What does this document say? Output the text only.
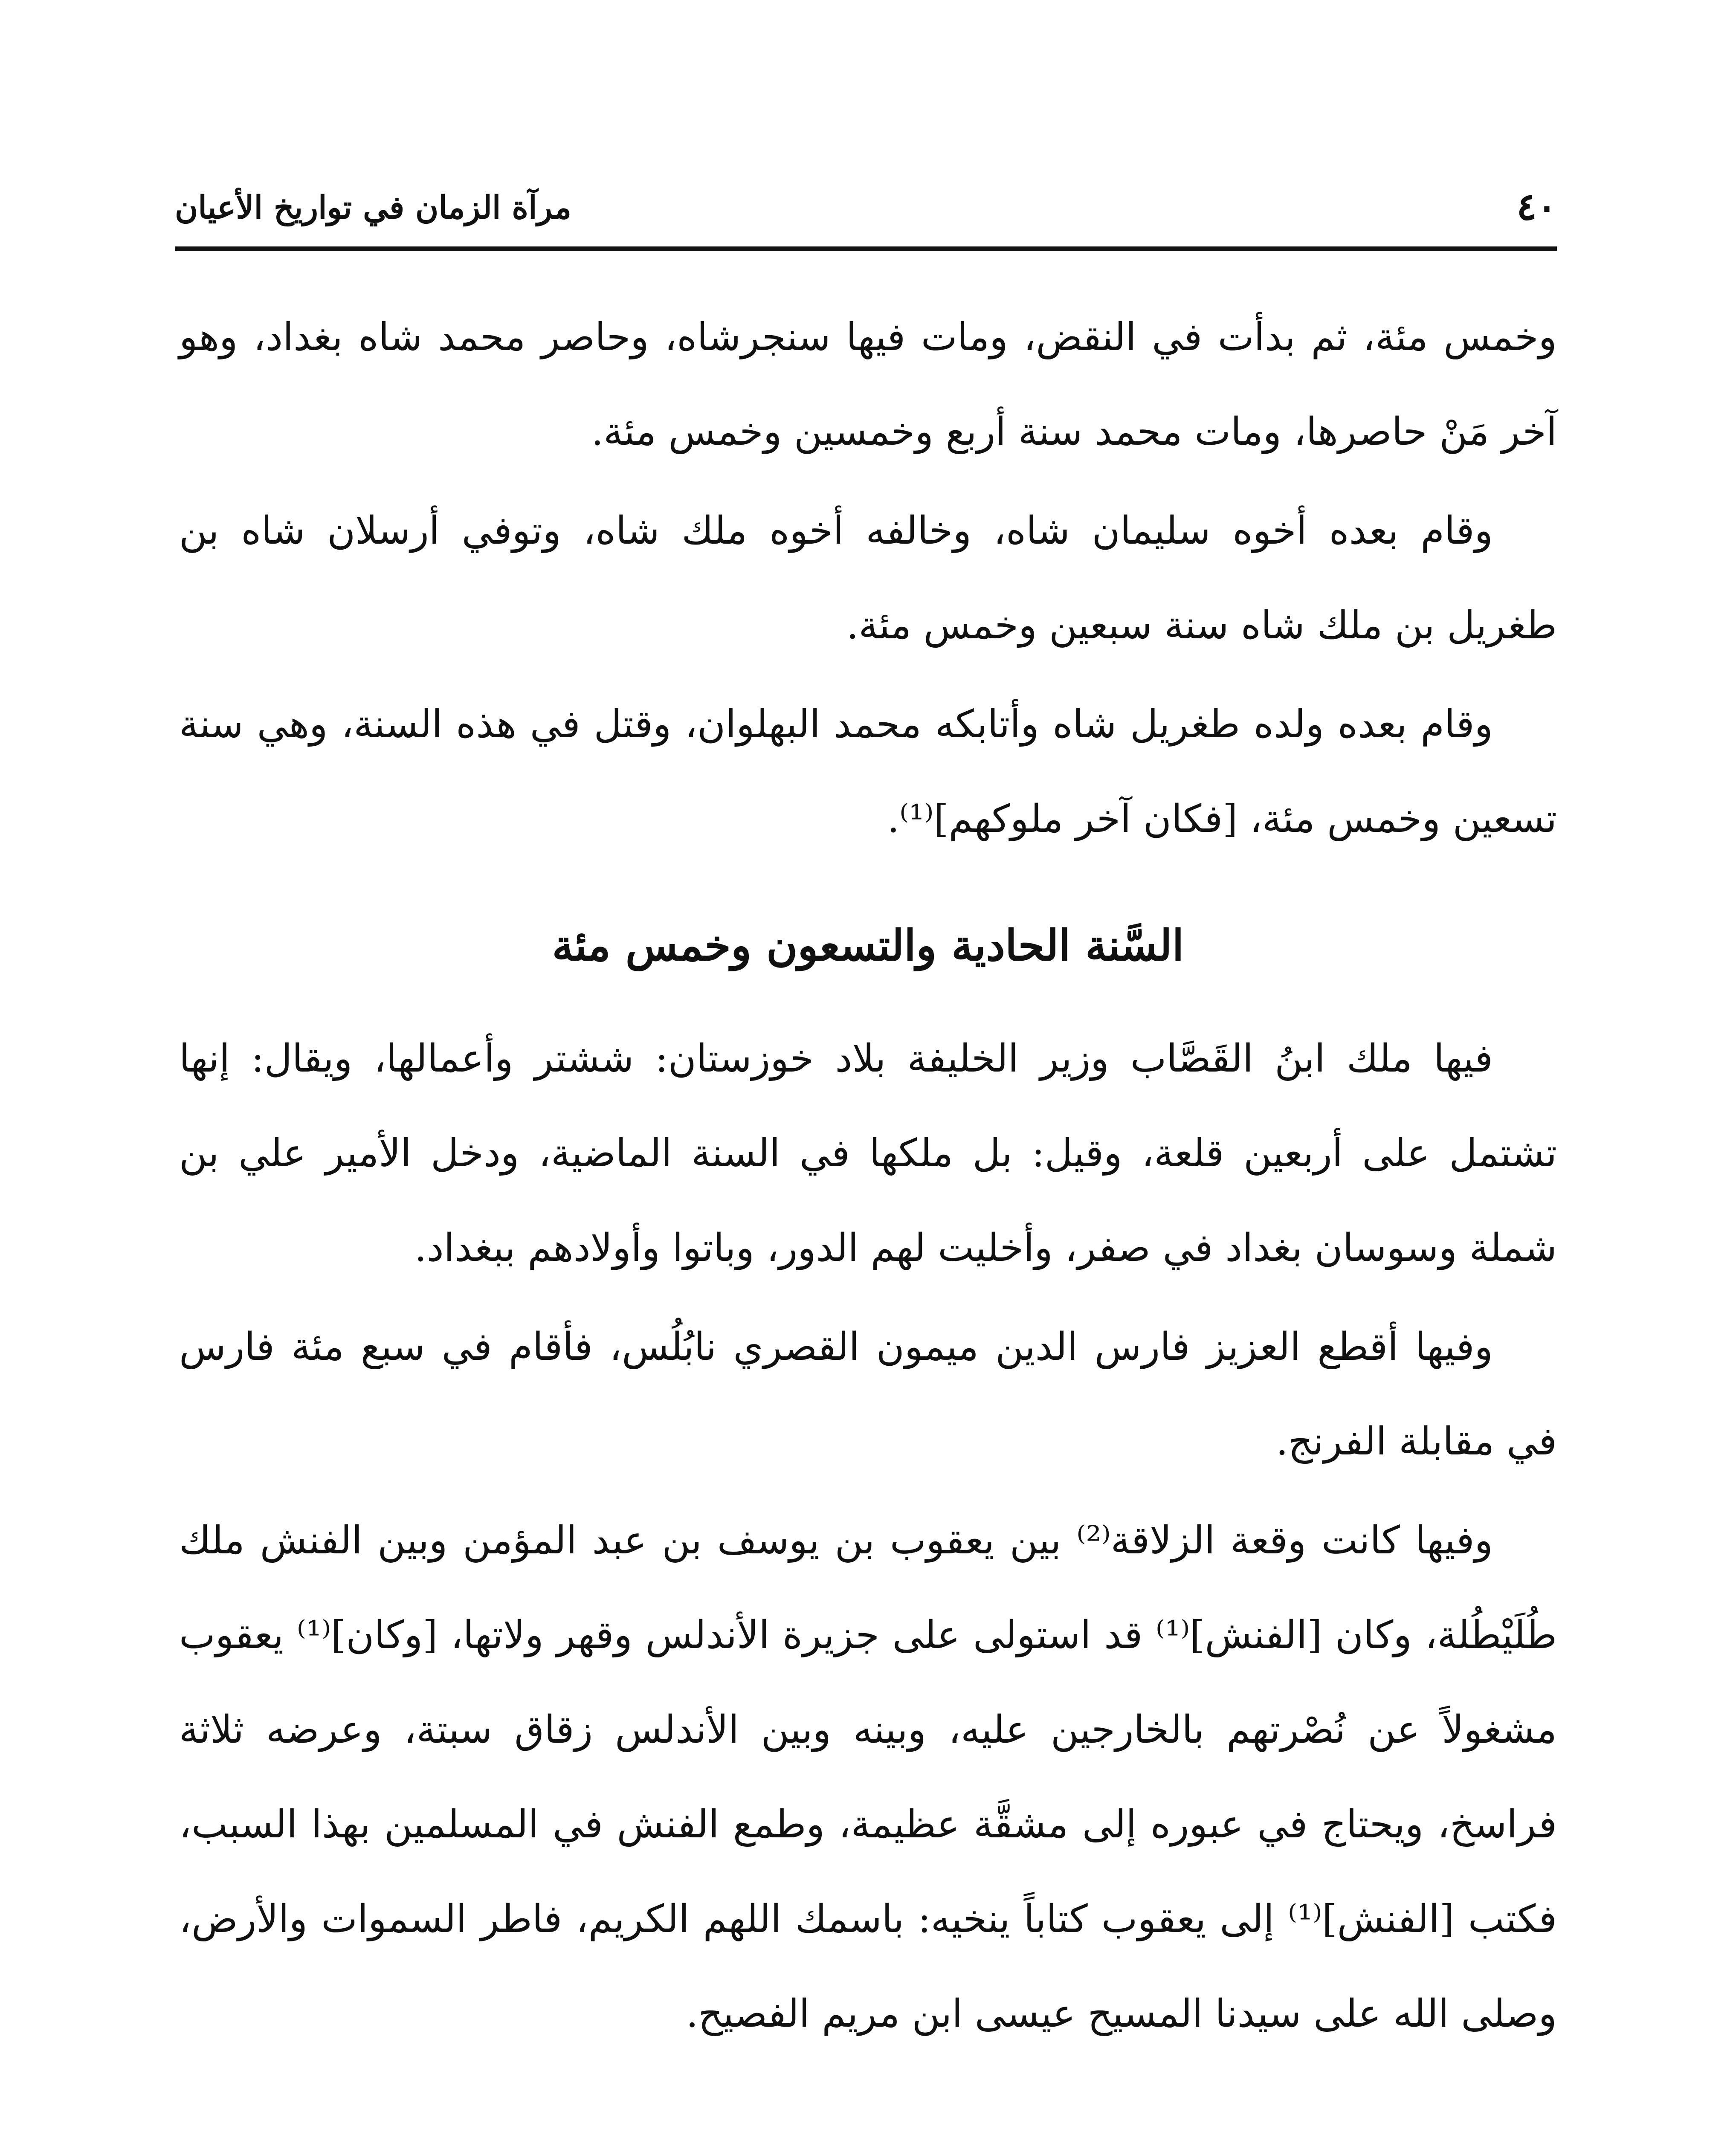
٤٠
مرآة الزمان في تواريخ الأعيان

وخمس مئة، ثم بدأت في النقض، ومات فيها سنجرشاه، وحاصر محمد شاه بغداد، وهو آخر مَنْ حاصرها، ومات محمد سنة أربع وخمسين وخمس مئة.

وقام بعده أخوه سليمان شاه، وخالفه أخوه ملك شاه، وتوفي أرسلان شاه بن طغريل بن ملك شاه سنة سبعين وخمس مئة.

وقام بعده ولده طغريل شاه وأتابكه محمد البهلوان، وقتل في هذه السنة، وهي سنة تسعين وخمس مئة، [فكان آخر ملوكهم]⁽¹⁾.

السَّنة الحادية والتسعون وخمس مئة

فيها ملك ابنُ القَصَّاب وزير الخليفة بلاد خوزستان: ششتر وأعمالها، ويقال: إنها تشتمل على أربعين قلعة، وقيل: بل ملكها في السنة الماضية، ودخل الأمير علي بن شملة وسوسان بغداد في صفر، وأخليت لهم الدور، وباتوا وأولادهم ببغداد.

وفيها أقطع العزيز فارس الدين ميمون القصري نابُلُس، فأقام في سبع مئة فارس في مقابلة الفرنج.

وفيها كانت وقعة الزلاقة⁽²⁾ بين يعقوب بن يوسف بن عبد المؤمن وبين الفنش ملك طُلَيْطُلة، وكان [الفنش]⁽¹⁾ قد استولى على جزيرة الأندلس وقهر ولاتها، [وكان]⁽¹⁾ يعقوب مشغولاً عن نُصْرتهم بالخارجين عليه، وبينه وبين الأندلس زقاق سبتة، وعرضه ثلاثة فراسخ، ويحتاج في عبوره إلى مشقَّة عظيمة، وطمع الفنش في المسلمين بهذا السبب، فكتب [الفنش]⁽¹⁾ إلى يعقوب كتاباً ينخيه: باسمك اللهم الكريم، فاطر السموات والأرض، وصلى الله على سيدنا المسيح عيسى ابن مريم الفصيح.
